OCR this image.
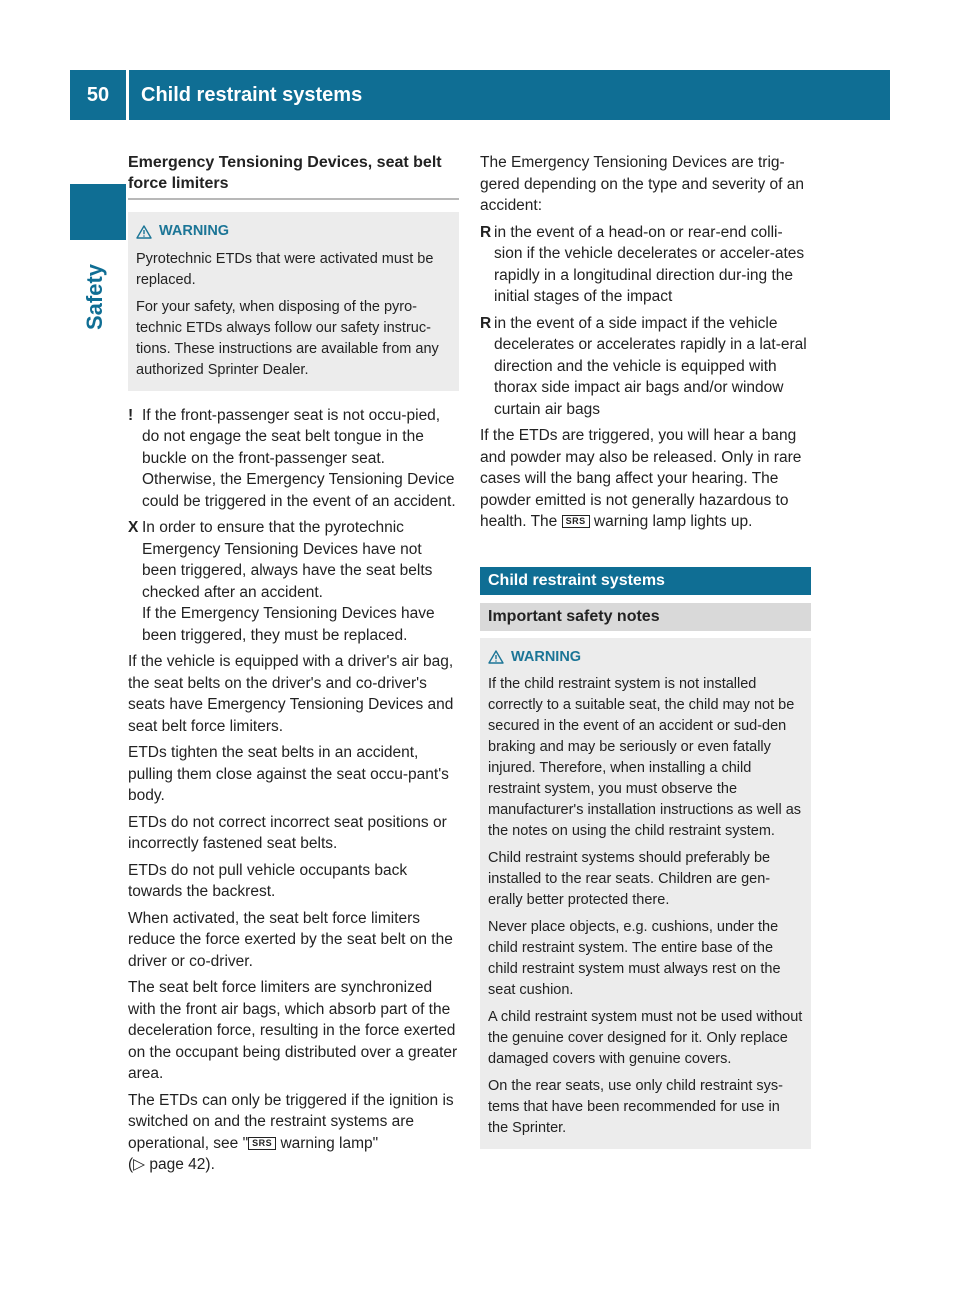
50	Child restraint systems
Safety
Emergency Tensioning Devices, seat belt force limiters
WARNING

Pyrotechnic ETDs that were activated must be replaced.

For your safety, when disposing of the pyro-technic ETDs always follow our safety instruc-tions. These instructions are available from any authorized Sprinter Dealer.

! If the front-passenger seat is not occu-pied, do not engage the seat belt tongue in the buckle on the front-passenger seat. Otherwise, the Emergency Tensioning Device could be triggered in the event of an accident.
X In order to ensure that the pyrotechnic Emergency Tensioning Devices have not been triggered, always have the seat belts checked after an accident.
If the Emergency Tensioning Devices have been triggered, they must be replaced.

If the vehicle is equipped with a driver's air bag, the seat belts on the driver's and co-driver's seats have Emergency Tensioning Devices and seat belt force limiters.

ETDs tighten the seat belts in an accident, pulling them close against the seat occu-pant's body.

ETDs do not correct incorrect seat positions or incorrectly fastened seat belts.

ETDs do not pull vehicle occupants back towards the backrest.

When activated, the seat belt force limiters reduce the force exerted by the seat belt on the driver or co-driver.

The seat belt force limiters are synchronized with the front air bags, which absorb part of the deceleration force, resulting in the force exerted on the occupant being distributed over a greater area.

The ETDs can only be triggered if the ignition is switched on and the restraint systems are operational, see " SRS warning lamp"
(▷ page 42).

The Emergency Tensioning Devices are trig-gered depending on the type and severity of an accident:

R in the event of a head-on or rear-end colli-sion if the vehicle decelerates or acceler-ates rapidly in a longitudinal direction dur-ing the initial stages of the impact
R in the event of a side impact if the vehicle decelerates or accelerates rapidly in a lat-eral direction and the vehicle is equipped with thorax side impact air bags and/or window curtain air bags

If the ETDs are triggered, you will hear a bang and powder may also be released. Only in rare cases will the bang affect your hearing. The powder emitted is not generally hazardous to health. The SRS warning lamp lights up.

Child restraint systems
Important safety notes
WARNING

If the child restraint system is not installed correctly to a suitable seat, the child may not be secured in the event of an accident or sud-den braking and may be seriously or even fatally injured. Therefore, when installing a child restraint system, you must observe the manufacturer's installation instructions as well as the notes on using the child restraint system.

Child restraint systems should preferably be installed to the rear seats. Children are gen-erally better protected there.

Never place objects, e.g. cushions, under the child restraint system. The entire base of the child restraint system must always rest on the seat cushion.

A child restraint system must not be used without the genuine cover designed for it. Only replace damaged covers with genuine covers.

On the rear seats, use only child restraint sys-tems that have been recommended for use in the Sprinter.
